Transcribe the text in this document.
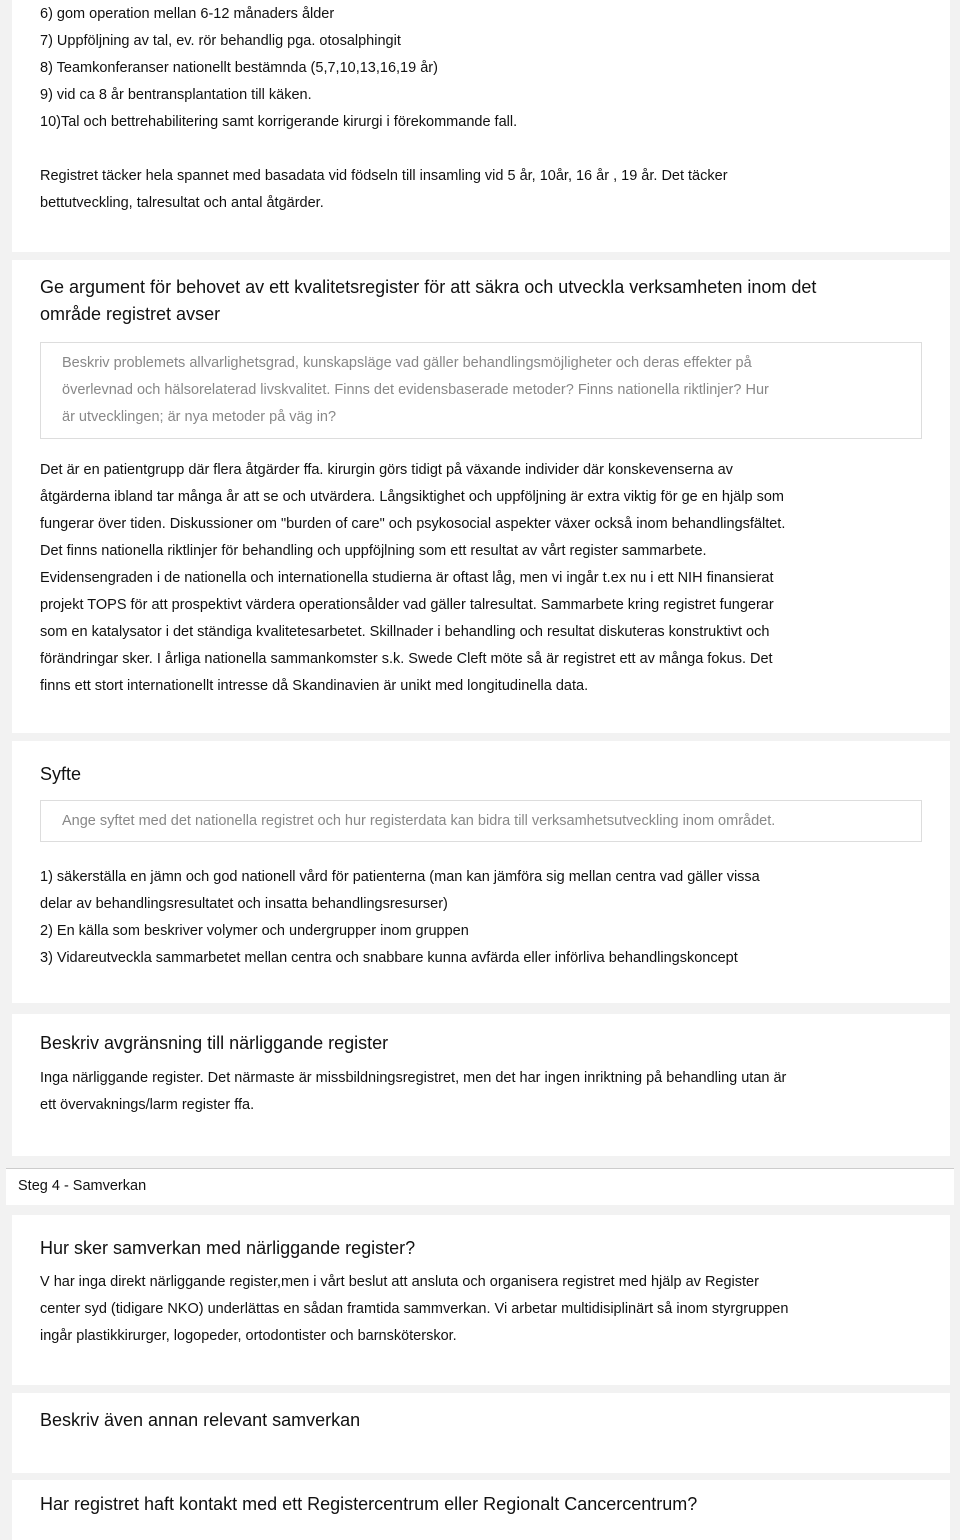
6) gom operation mellan 6-12 månaders ålder
7) Uppföljning av tal, ev. rör behandlig pga. otosalphingit
8) Teamkonferanser nationellt bestämnda (5,7,10,13,16,19 år)
9) vid ca 8 år bentransplantation till käken.
10)Tal och bettrehabilitering samt korrigerande kirurgi i förekommande fall.
Registret täcker hela spannet med basadata vid födseln till insamling vid 5 år, 10år, 16 år , 19 år. Det täcker
bettutveckling, talresultat och antal åtgärder.
Ge argument för behovet av ett kvalitetsregister för att säkra och utveckla verksamheten inom det
område registret avser
Beskriv problemets allvarlighetsgrad, kunskapsläge vad gäller behandlingsmöjligheter och deras effekter på
överlevnad och hälsorelaterad livskvalitet. Finns det evidensbaserade metoder? Finns nationella riktlinjer? Hur
är utvecklingen; är nya metoder på väg in?
Det är en patientgrupp där flera åtgärder ffa. kirurgin görs tidigt på växande individer där konskevenserna av
åtgärderna ibland tar många år att se och utvärdera. Långsiktighet och uppföljning är extra viktig för ge en hjälp som
fungerar över tiden. Diskussioner om "burden of care" och psykosocial aspekter växer också inom behandlingsfältet.
Det finns nationella riktlinjer för behandling och uppföjlning som ett resultat av vårt register sammarbete.
Evidensengraden i de nationella och internationella studierna är oftast låg, men vi ingår t.ex nu i ett NIH finansierat
projekt TOPS för att prospektivt värdera operationsålder vad gäller talresultat. Sammarbete kring registret fungerar
som en katalysator i det ständiga kvalitetesarbetet. Skillnader i behandling och resultat diskuteras konstruktivt och
förändringar sker. I årliga nationella sammankomster s.k. Swede Cleft möte så är registret ett av många fokus. Det
finns ett stort internationellt intresse då Skandinavien är unikt med longitudinella data.
Syfte
Ange syftet med det nationella registret och hur registerdata kan bidra till verksamhetsutveckling inom området.
1) säkerställa en jämn och god nationell vård för patienterna (man kan jämföra sig mellan centra vad gäller vissa
delar av behandlingsresultatet och insatta behandlingsresurser)
2) En källa som beskriver volymer och undergrupper inom gruppen
3) Vidareutveckla sammarbetet mellan centra och snabbare kunna avfärda eller införliva behandlingskoncept
Beskriv avgränsning till närliggande register
Inga närliggande register. Det närmaste är missbildningsregistret, men det har ingen inriktning på behandling utan är
ett övervaknings/larm register ffa.
Steg 4 - Samverkan
Hur sker samverkan med närliggande register?
V har inga direkt närliggande register,men i vårt beslut att ansluta och organisera registret med hjälp av Register
center syd (tidigare NKO) underlättas en sådan framtida sammverkan. Vi arbetar multidisiplinärt så inom styrgruppen
ingår plastikkirurger, logopeder, ortodontister och barnsköterskor.
Beskriv även annan relevant samverkan
Har registret haft kontakt med ett Registercentrum eller Regionalt Cancercentrum?
